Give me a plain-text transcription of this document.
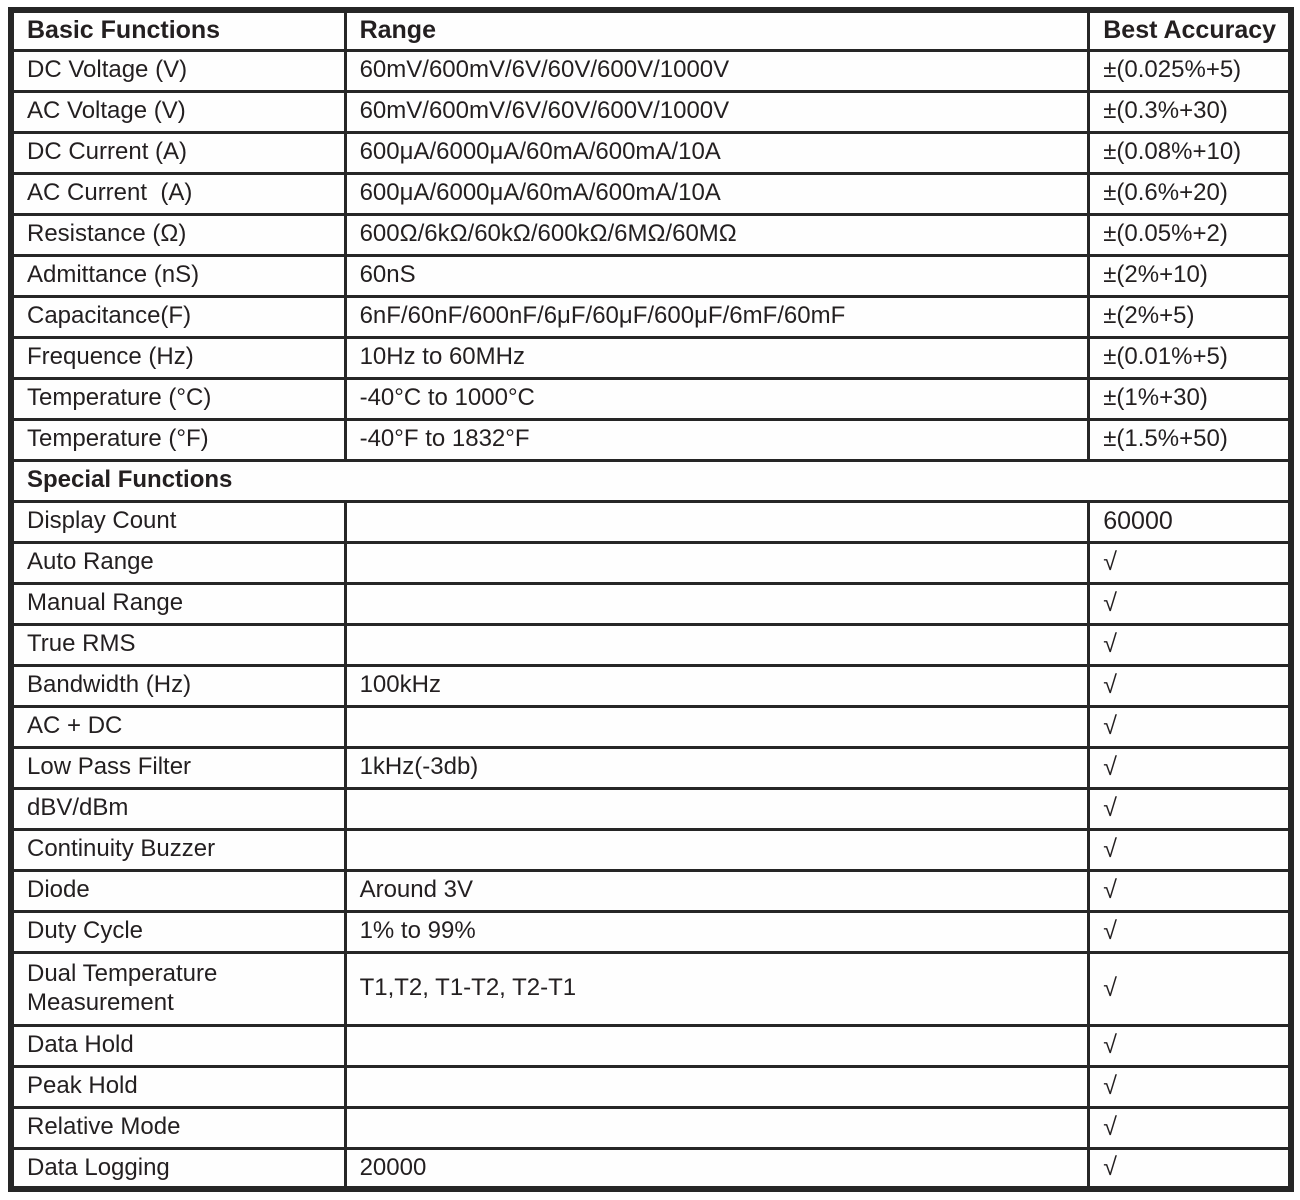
Basic Functions	Range	Best Accuracy
DC Voltage (V)	60mV/600mV/6V/60V/600V/1000V	±(0.025%+5)
AC Voltage (V)	60mV/600mV/6V/60V/600V/1000V	±(0.3%+30)
DC Current (A)	600μA/6000μA/60mA/600mA/10A	±(0.08%+10)
AC Current  (A)	600μA/6000μA/60mA/600mA/10A	±(0.6%+20)
Resistance (Ω)	600Ω/6kΩ/60kΩ/600kΩ/6MΩ/60MΩ	±(0.05%+2)
Admittance (nS)	60nS	±(2%+10)
Capacitance(F)	6nF/60nF/600nF/6μF/60μF/600μF/6mF/60mF	±(2%+5)
Frequence (Hz)	10Hz to 60MHz	±(0.01%+5)
Temperature (°C)	-40°C to 1000°C	±(1%+30)
Temperature (°F)	-40°F to 1832°F	±(1.5%+50)
Special Functions		
Display Count		60000
Auto Range		√
Manual Range		√
True RMS		√
Bandwidth (Hz)	100kHz	√
AC + DC		√
Low Pass Filter	1kHz(-3db)	√
dBV/dBm		√
Continuity Buzzer		√
Diode	Around 3V	√
Duty Cycle	1% to 99%	√

Dual Temperature Measurement	T1,T2, T1-T2, T2-T1	√
Data Hold		√
Peak Hold		√
Relative Mode		√
Data Logging	20000	√
